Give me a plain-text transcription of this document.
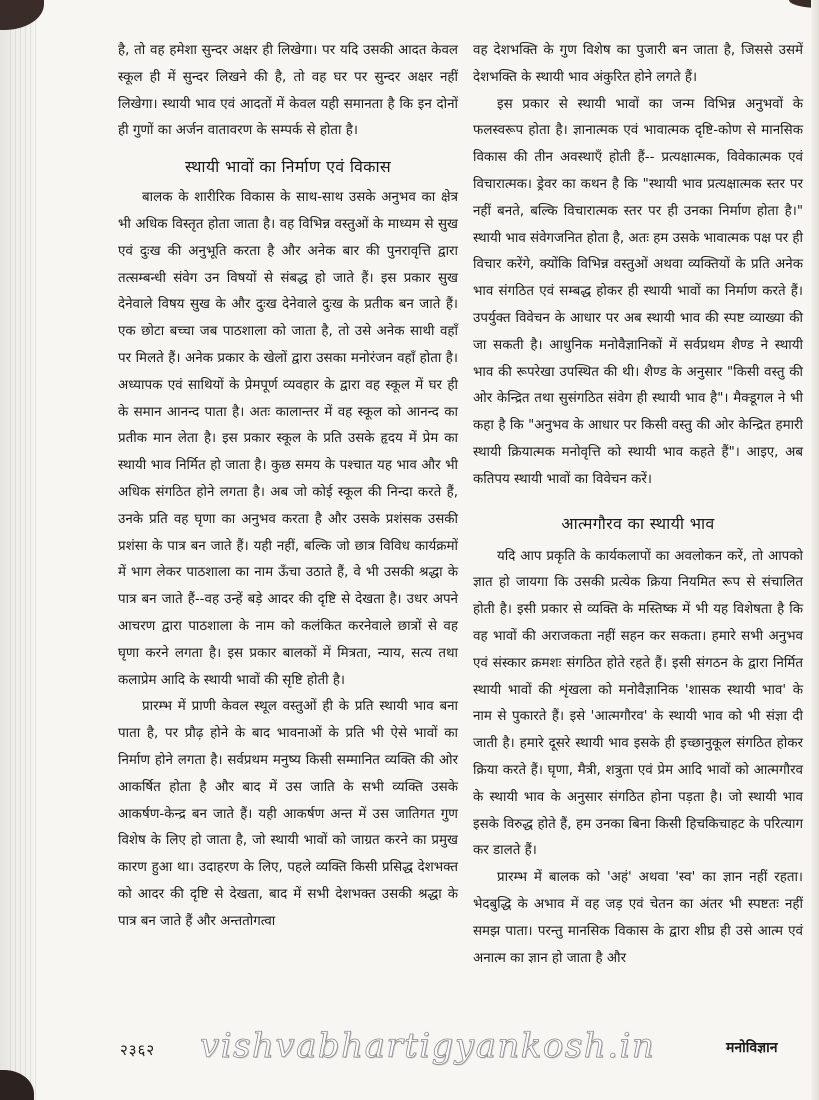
है, तो वह हमेशा सुन्दर अक्षर ही लिखेगा। पर यदि उसकी आदत केवल स्कूल ही में सुन्दर लिखने की है, तो वह घर पर सुन्दर अक्षर नहीं लिखेगा। स्थायी भाव एवं आदतों में केवल यही समानता है कि इन दोनों ही गुणों का अर्जन वातावरण के सम्पर्क से होता है।

स्थायी भावों का निर्माण एवं विकास

बालक के शारीरिक विकास के साथ-साथ उसके अनुभव का क्षेत्र भी अधिक विस्तृत होता जाता है। वह विभिन्न वस्तुओं के माध्यम से सुख एवं दुःख की अनुभूति करता है और अनेक बार की पुनरावृत्ति द्वारा तत्सम्बन्धी संवेग उन विषयों से संबद्ध हो जाते हैं। इस प्रकार सुख देनेवाले विषय सुख के और दुःख देनेवाले दुःख के प्रतीक बन जाते हैं। एक छोटा बच्चा जब पाठशाला को जाता है, तो उसे अनेक साथी वहाँ पर मिलते हैं। अनेक प्रकार के खेलों द्वारा उसका मनोरंजन वहाँ होता है। अध्यापक एवं साथियों के प्रेमपूर्ण व्यवहार के द्वारा वह स्कूल में घर ही के समान आनन्द पाता है। अतः कालान्तर में वह स्कूल को आनन्द का प्रतीक मान लेता है। इस प्रकार स्कूल के प्रति उसके हृदय में प्रेम का स्थायी भाव निर्मित हो जाता है। कुछ समय के पश्चात यह भाव और भी अधिक संगठित होने लगता है। अब जो कोई स्कूल की निन्दा करते हैं, उनके प्रति वह घृणा का अनुभव करता है और उसके प्रशंसक उसकी प्रशंसा के पात्र बन जाते हैं। यही नहीं, बल्कि जो छात्र विविध कार्यक्रमों में भाग लेकर पाठशाला का नाम ऊँचा उठाते हैं, वे भी उसकी श्रद्धा के पात्र बन जाते हैं--वह उन्हें बड़े आदर की दृष्टि से देखता है। उधर अपने आचरण द्वारा पाठशाला के नाम को कलंकित करनेवाले छात्रों से वह घृणा करने लगता है। इस प्रकार बालकों में मित्रता, न्याय, सत्य तथा कलाप्रेम आदि के स्थायी भावों की सृष्टि होती है।

प्रारम्भ में प्राणी केवल स्थूल वस्तुओं ही के प्रति स्थायी भाव बना पाता है, पर प्रौढ़ होने के बाद भावनाओं के प्रति भी ऐसे भावों का निर्माण होने लगता है। सर्वप्रथम मनुष्य किसी सम्मानित व्यक्ति की ओर आकर्षित होता है और बाद में उस जाति के सभी व्यक्ति उसके आकर्षण-केन्द्र बन जाते हैं। यही आकर्षण अन्त में उस जातिगत गुण विशेष के लिए हो जाता है, जो स्थायी भावों को जाग्रत करने का प्रमुख कारण हुआ था। उदाहरण के लिए, पहले व्यक्ति किसी प्रसिद्ध देशभक्त को आदर की दृष्टि से देखता, बाद में सभी देशभक्त उसकी श्रद्धा के पात्र बन जाते हैं और अन्ततोगत्वा

वह देशभक्ति के गुण विशेष का पुजारी बन जाता है, जिससे उसमें देशभक्ति के स्थायी भाव अंकुरित होने लगते हैं।

इस प्रकार से स्थायी भावों का जन्म विभिन्न अनुभवों के फलस्वरूप होता है। ज्ञानात्मक एवं भावात्मक दृष्टि-कोण से मानसिक विकास की तीन अवस्थाएँ होती हैं-- प्रत्यक्षात्मक, विवेकात्मक एवं विचारात्मक। ड्रेवर का कथन है कि "स्थायी भाव प्रत्यक्षात्मक स्तर पर नहीं बनते, बल्कि विचारात्मक स्तर पर ही उनका निर्माण होता है।" स्थायी भाव संवेगजनित होता है, अतः हम उसके भावात्मक पक्ष पर ही विचार करेंगे, क्योंकि विभिन्न वस्तुओं अथवा व्यक्तियों के प्रति अनेक भाव संगठित एवं सम्बद्ध होकर ही स्थायी भावों का निर्माण करते हैं। उपर्युक्त विवेचन के आधार पर अब स्थायी भाव की स्पष्ट व्याख्या की जा सकती है। आधुनिक मनोवैज्ञानिकों में सर्वप्रथम शैण्ड ने स्थायी भाव की रूपरेखा उपस्थित की थी। शैण्ड के अनुसार "किसी वस्तु की ओर केन्द्रित तथा सुसंगठित संवेग ही स्थायी भाव है"। मैक्डूगल ने भी कहा है कि "अनुभव के आधार पर किसी वस्तु की ओर केन्द्रित हमारी स्थायी क्रियात्मक मनोवृत्ति को स्थायी भाव कहते हैं"। आइए, अब कतिपय स्थायी भावों का विवेचन करें।

आत्मगौरव का स्थायी भाव

यदि आप प्रकृति के कार्यकलापों का अवलोकन करें, तो आपको ज्ञात हो जायगा कि उसकी प्रत्येक क्रिया नियमित रूप से संचालित होती है। इसी प्रकार से व्यक्ति के मस्तिष्क में भी यह विशेषता है कि वह भावों की अराजकता नहीं सहन कर सकता। हमारे सभी अनुभव एवं संस्कार क्रमशः संगठित होते रहते हैं। इसी संगठन के द्वारा निर्मित स्थायी भावों की शृंखला को मनोवैज्ञानिक 'शासक स्थायी भाव' के नाम से पुकारते हैं। इसे 'आत्मगौरव' के स्थायी भाव को भी संज्ञा दी जाती है। हमारे दूसरे स्थायी भाव इसके ही इच्छानुकूल संगठित होकर क्रिया करते हैं। घृणा, मैत्री, शत्रुता एवं प्रेम आदि भावों को आत्मगौरव के स्थायी भाव के अनुसार संगठित होना पड़ता है। जो स्थायी भाव इसके विरुद्ध होते हैं, हम उनका बिना किसी हिचकिचाहट के परित्याग कर डालते हैं।

प्रारम्भ में बालक को 'अहं' अथवा 'स्व' का ज्ञान नहीं रहता। भेदबुद्धि के अभाव में वह जड़ एवं चेतन का अंतर भी स्पष्टतः नहीं समझ पाता। परन्तु मानसिक विकास के द्वारा शीघ्र ही उसे आत्म एवं अनात्म का ज्ञान हो जाता है और

vishvabhartigyankosh.in
२३६२	मनोविज्ञान
